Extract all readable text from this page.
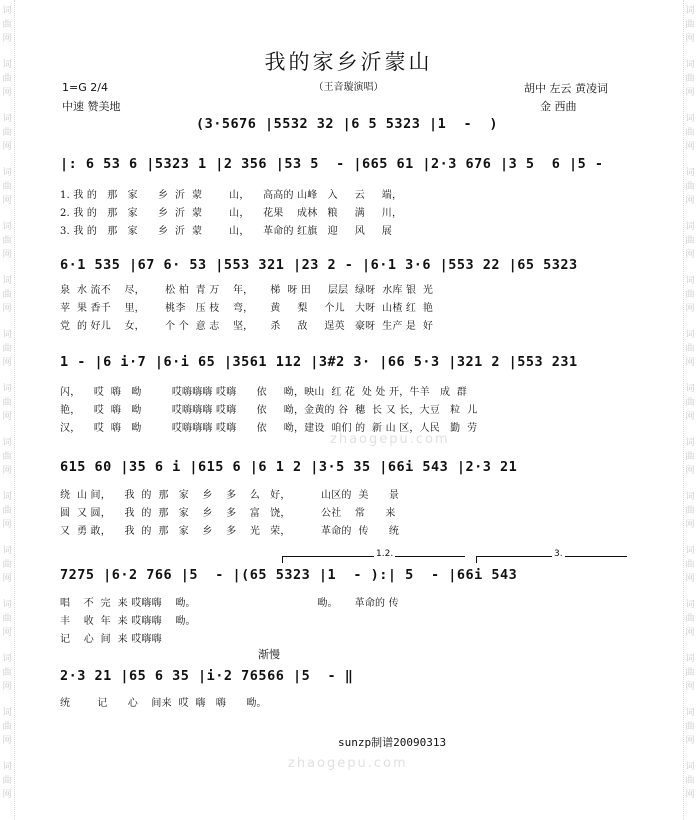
词
曲
网
词
曲
网
词
曲
网
词
曲
网
词
曲
网
词
曲
网
词
曲
网
词
曲
网
词
曲
网
词
曲
网
词
曲
网
词
曲
网
词
曲
网
词
曲
网
词
曲
网
词
曲
网
词
曲
网
词
曲
网
词
曲
网
词
曲
网
词
曲
网
词
曲
网
词
曲
网
词
曲
网
词
曲
网
词
曲
网
词
曲
网
词
曲
网
词
曲
网
词
曲
网
我的家乡沂蒙山
（王音璇演唱）
1=G 2/4
中速 赞美地
胡中 左云 黄凌词
金 西曲
(3·5676 |5532 32 |6 5 5323 |1  -  )
|: 6 53 6 |5323 1 |2 356 |53 5  - |665 61 |2·3 676 |3 5  6 |5 -
1. 我 的   那   家      乡  沂  蒙        山，    高高的 山峰   入     云     端，
2. 我 的   那   家      乡  沂  蒙        山，    花果    成林   粮     满     川，
3. 我 的   那   家      乡  沂  蒙        山，    革命的 红旗   迎     风     展
6·1 535 |67 6· 53 |553 321 |23 2 - |6·1 3·6 |553 22 |65 5323
泉  水 流不    尽，      松 柏  青 万    年，     梯  呀 田     层层  绿呀  水库 银  光
苹  果 香千    里，      桃李   压 枝    弯，     黄     梨     个儿   大呀  山楂 红  艳
党  的 好儿    女，      个 个  意 志    坚，     杀     敌     逞英   豪呀  生产 是  好
1 - |6 i·7 |6·i 65 |3561 112 |3#2 3· |66 5·3 |321 2 |553 231
闪，    哎  嗨   呦         哎嗨嗨嗨 哎嗨      依     呦，映山  红 花  处 处 开，牛羊   成  群
艳，    哎  嗨   呦         哎嗨嗨嗨 哎嗨      依     呦，金黄的 谷  穗  长 又 长，大豆   粒  儿
汉，    哎  嗨   呦         哎嗨嗨嗨 哎嗨      依     呦，建设  咱们 的  新 山 区，人民   勤  劳
zhaogepu.com
615 60 |35 6 i |615 6 |6 1 2 |3·5 35 |66i 543 |2·3 21
绕  山 间，    我  的  那   家    乡    多    么   好，         山区的  美      景
圆  又 圆，    我  的  那   家    乡    多    富   饶，         公社    常      来
又  勇 敢，    我  的  那   家    乡    多    光   荣，         革命的  传      统
1.2.	3.
7275 |6·2 766 |5  - |(65 5323 |1  - ):| 5  - |66i 543
唱    不  完  来 哎嗨嗨    呦。                                    呦。     革命的 传
丰    收  年  来 哎嗨嗨    呦。
记    心  间  来 哎嗨嗨
渐慢
2·3 21 |65 6 35 |i·2 76566 |5  - ‖
统        记      心    间来  哎  嗨   嗨      呦。
sunzp制谱20090313
zhaogepu.com
